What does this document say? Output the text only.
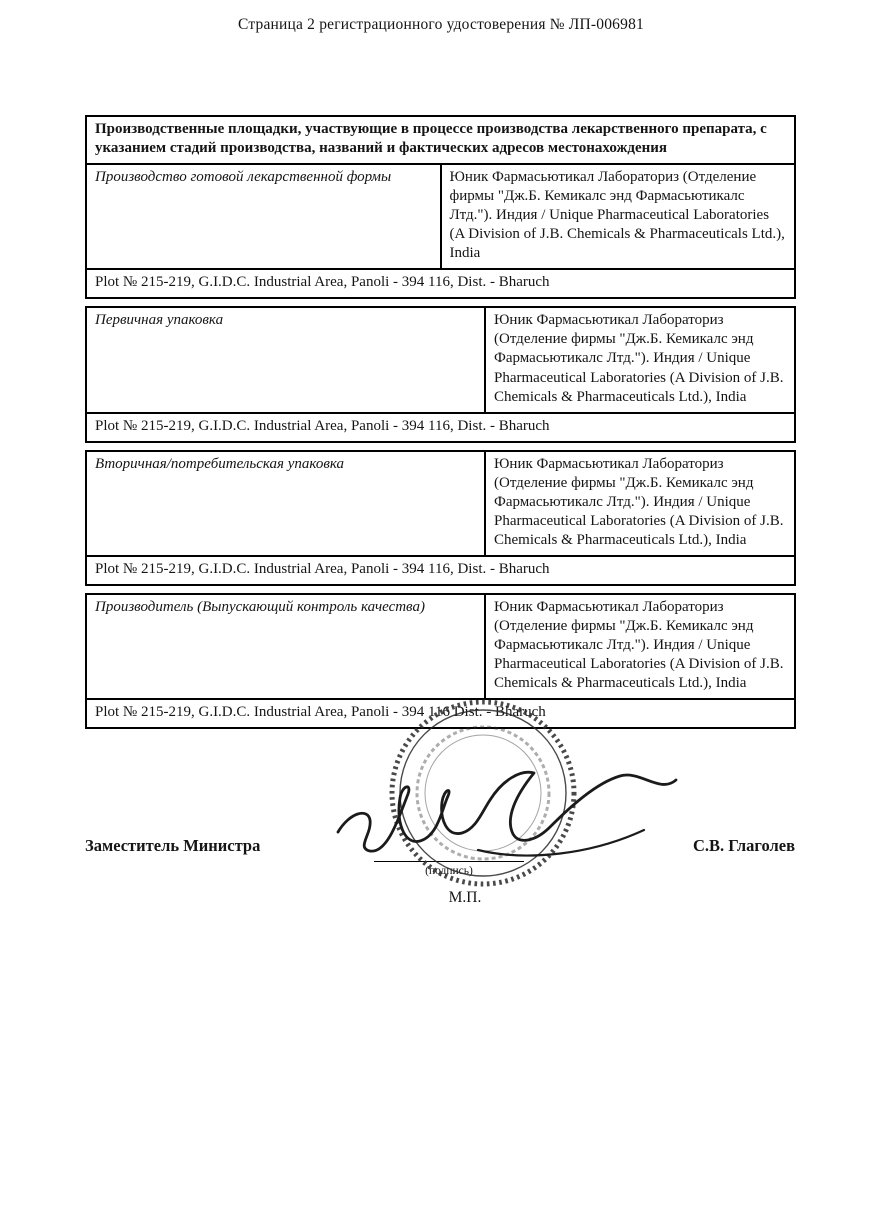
Страница 2 регистрационного удостоверения № ЛП-006981
Производственные площадки, участвующие в процессе производства лекарственного препарата, с указанием стадий производства, названий и фактических адресов местонахождения
Производство готовой лекарственной формы	Юник Фармасьютикал Лабораториз (Отделение фирмы "Дж.Б. Кемикалс энд Фармасьютикалс Лтд."). Индия / Unique Pharmaceutical Laboratories (A Division of J.B. Chemicals & Pharmaceuticals Ltd.), India
Plot № 215-219, G.I.D.C. Industrial Area, Panoli - 394 116, Dist. - Bharuch
Первичная упаковка	Юник Фармасьютикал Лабораториз (Отделение фирмы "Дж.Б. Кемикалс энд Фармасьютикалс Лтд."). Индия / Unique Pharmaceutical Laboratories (A Division of J.B. Chemicals & Pharmaceuticals Ltd.), India
Plot № 215-219, G.I.D.C. Industrial Area, Panoli - 394 116, Dist. - Bharuch
Вторичная/потребительская упаковка	Юник Фармасьютикал Лабораториз (Отделение фирмы "Дж.Б. Кемикалс энд Фармасьютикалс Лтд."). Индия / Unique Pharmaceutical Laboratories (A Division of J.B. Chemicals & Pharmaceuticals Ltd.), India
Plot № 215-219, G.I.D.C. Industrial Area, Panoli - 394 116, Dist. - Bharuch
Производитель (Выпускающий контроль качества)	Юник Фармасьютикал Лабораториз (Отделение фирмы "Дж.Б. Кемикалс энд Фармасьютикалс Лтд."). Индия / Unique Pharmaceutical Laboratories (A Division of J.B. Chemicals & Pharmaceuticals Ltd.), India
Plot № 215-219, G.I.D.C. Industrial Area, Panoli - 394 116 Dist. - Bharuch
Заместитель Министра	С.В. Глаголев
(подпись)
М.П.
